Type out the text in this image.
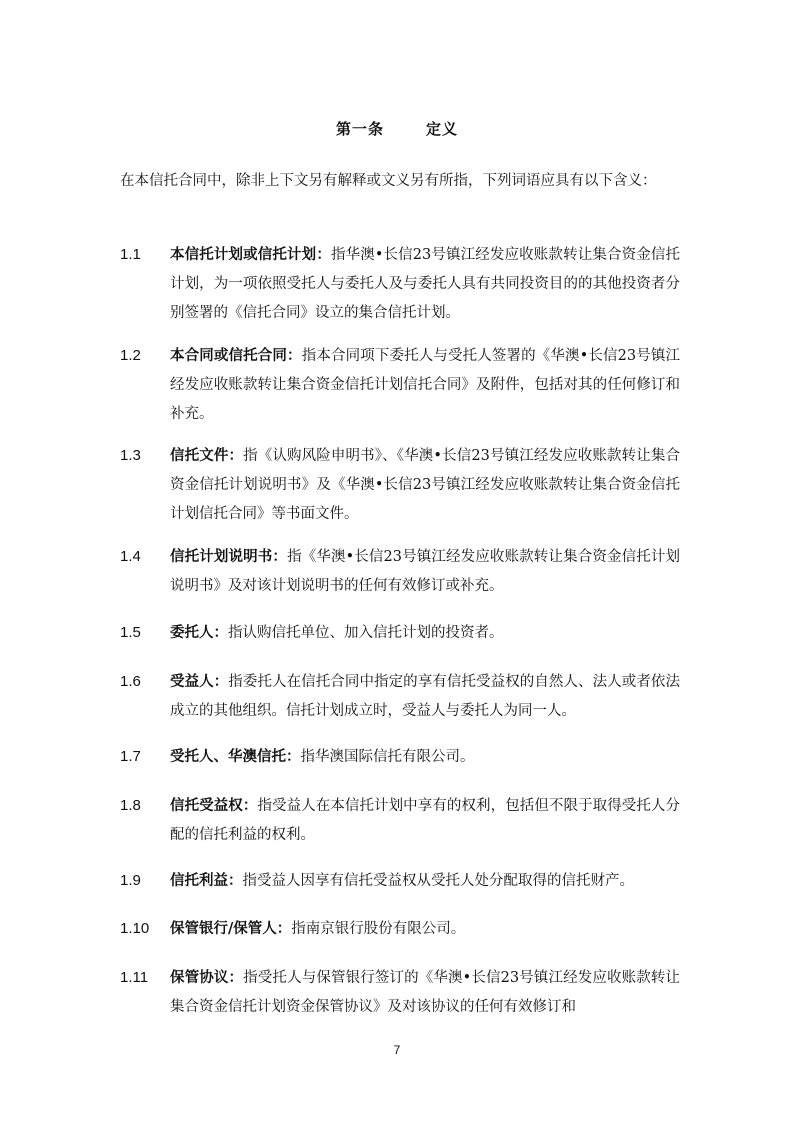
第一条	定义
在本信托合同中，除非上下文另有解释或文义另有所指，下列词语应具有以下含义：
1.1 本信托计划或信托计划：指华澳•长信23号镇江经发应收账款转让集合资金信托计划，为一项依照受托人与委托人及与委托人具有共同投资目的的其他投资者分别签署的《信托合同》设立的集合信托计划。
1.2 本合同或信托合同：指本合同项下委托人与受托人签署的《华澳•长信23号镇江经发应收账款转让集合资金信托计划信托合同》及附件，包括对其的任何修订和补充。
1.3 信托文件：指《认购风险申明书》、《华澳•长信23号镇江经发应收账款转让集合资金信托计划说明书》及《华澳•长信23号镇江经发应收账款转让集合资金信托计划信托合同》等书面文件。
1.4 信托计划说明书：指《华澳•长信23号镇江经发应收账款转让集合资金信托计划说明书》及对该计划说明书的任何有效修订或补充。
1.5 委托人：指认购信托单位、加入信托计划的投资者。
1.6 受益人：指委托人在信托合同中指定的享有信托受益权的自然人、法人或者依法成立的其他组织。信托计划成立时，受益人与委托人为同一人。
1.7 受托人、华澳信托：指华澳国际信托有限公司。
1.8 信托受益权：指受益人在本信托计划中享有的权利，包括但不限于取得受托人分配的信托利益的权利。
1.9 信托利益：指受益人因享有信托受益权从受托人处分配取得的信托财产。
1.10 保管银行/保管人：指南京银行股份有限公司。
1.11 保管协议：指受托人与保管银行签订的《华澳•长信23号镇江经发应收账款转让集合资金信托计划资金保管协议》及对该协议的任何有效修订和
7
